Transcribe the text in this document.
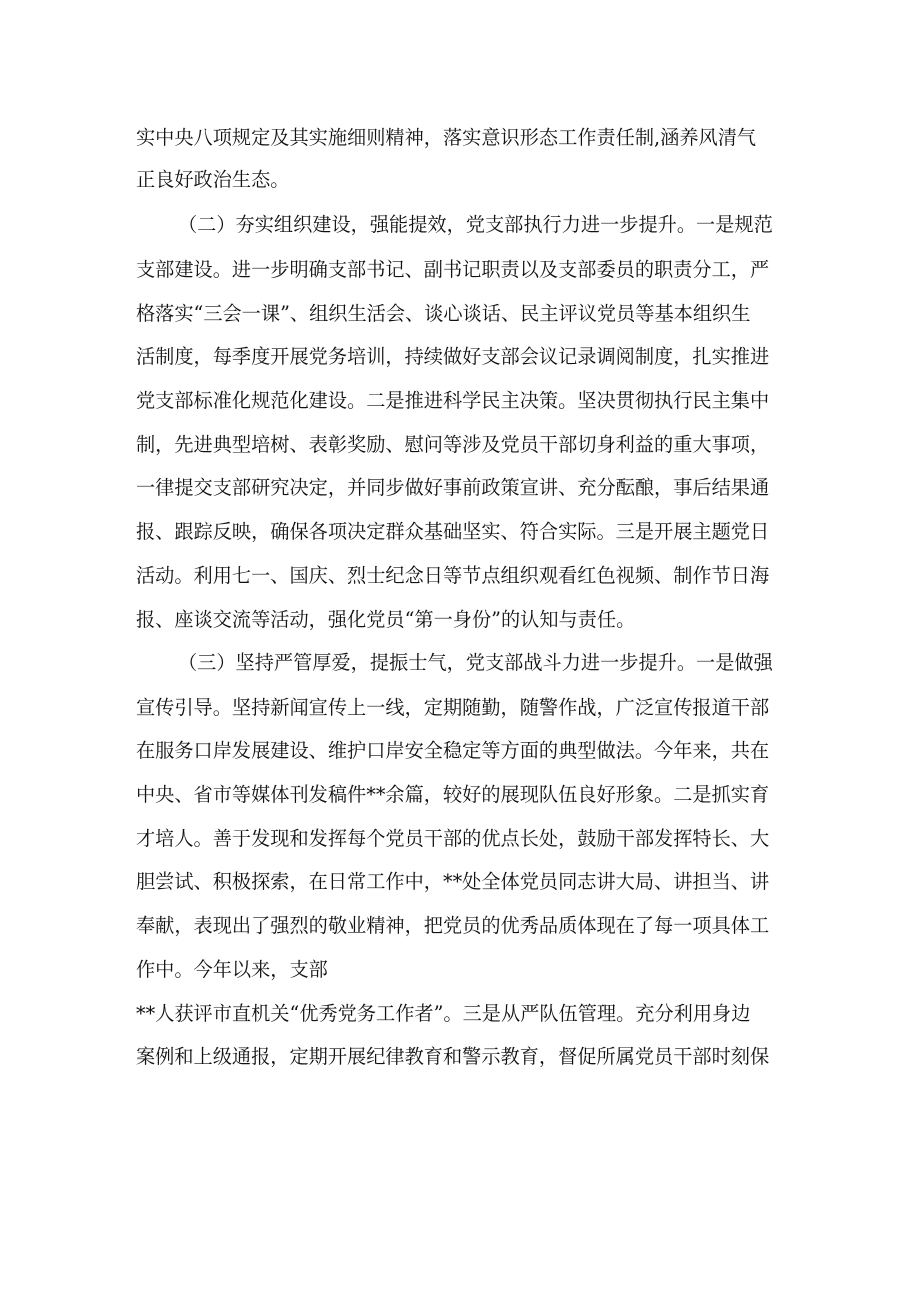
实中央八项规定及其实施细则精神，落实意识形态工作责任制,涵养风清气
正良好政治生态。
（二）夯实组织建设，强能提效，党支部执行力进一步提升。一是规范
支部建设。进一步明确支部书记、副书记职责以及支部委员的职责分工，严
格落实“三会一课”、组织生活会、谈心谈话、民主评议党员等基本组织生
活制度，每季度开展党务培训，持续做好支部会议记录调阅制度，扎实推进
党支部标准化规范化建设。二是推进科学民主决策。坚决贯彻执行民主集中
制，先进典型培树、表彰奖励、慰问等涉及党员干部切身利益的重大事项，
一律提交支部研究决定，并同步做好事前政策宣讲、充分酝酿，事后结果通
报、跟踪反映，确保各项决定群众基础坚实、符合实际。三是开展主题党日
活动。利用七一、国庆、烈士纪念日等节点组织观看红色视频、制作节日海
报、座谈交流等活动，强化党员“第一身份”的认知与责任。
（三）坚持严管厚爱，提振士气，党支部战斗力进一步提升。一是做强
宣传引导。坚持新闻宣传上一线，定期随勤，随警作战，广泛宣传报道干部
在服务口岸发展建设、维护口岸安全稳定等方面的典型做法。今年来，共在
中央、省市等媒体刊发稿件**余篇，较好的展现队伍良好形象。二是抓实育
才培人。善于发现和发挥每个党员干部的优点长处，鼓励干部发挥特长、大
胆尝试、积极探索，在日常工作中，**处全体党员同志讲大局、讲担当、讲
奉献，表现出了强烈的敬业精神，把党员的优秀品质体现在了每一项具体工
作中。今年以来，支部
**人获评市直机关“优秀党务工作者”。三是从严队伍管理。充分利用身边
案例和上级通报，定期开展纪律教育和警示教育，督促所属党员干部时刻保
